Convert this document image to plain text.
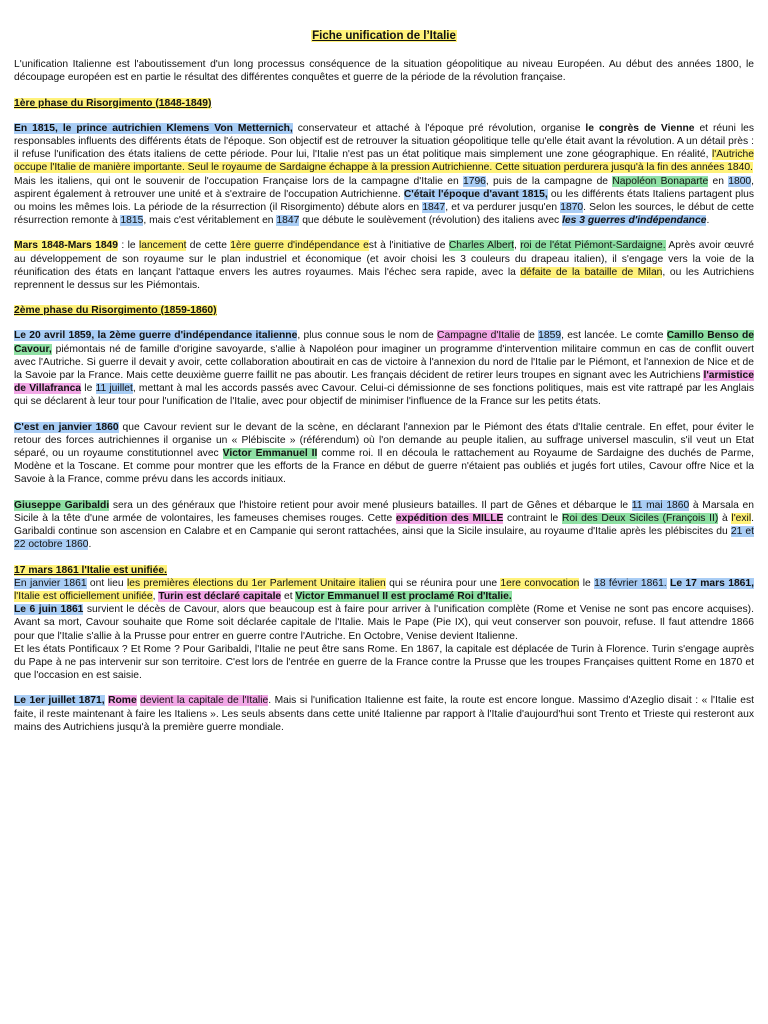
Fiche unification de l’Italie

L'unification Italienne est l'aboutissement d'un long processus conséquence de la situation géopolitique au niveau Européen. Au début des années 1800, le découpage européen est en partie le résultat des différentes conquêtes et guerre de la période de la révolution française.

1ère phase du Risorgimento (1848-1849)

En 1815, le prince autrichien Klemens Von Metternich, conservateur et attaché à l'époque pré révolution, organise le congrès de Vienne et réuni les responsables influents des différents états de l'époque. Son objectif est de retrouver la situation géopolitique telle qu'elle était avant la révolution. A un détail près : il refuse l'unification des états italiens de cette période. Pour lui, l'Italie n'est pas un état politique mais simplement une zone géographique. En réalité, l'Autriche occupe l'Italie de manière importante. Seul le royaume de Sardaigne échappe à la pression Autrichienne. Cette situation perdurera jusqu'à la fin des années 1840.

Mais les italiens, qui ont le souvenir de l'occupation Française lors de la campagne d'Italie en 1796, puis de la campagne de Napoléon Bonaparte en 1800, aspirent également à retrouver une unité et à s'extraire de l'occupation Autrichienne. C'était l'époque d'avant 1815, ou les différents états Italiens partagent plus ou moins les mêmes lois. La période de la résurrection (il Risorgimento) débute alors en 1847, et va perdurer jusqu'en 1870. Selon les sources, le début de cette résurrection remonte à 1815, mais c'est véritablement en 1847 que débute le soulèvement (révolution) des italiens avec les 3 guerres d'indépendance.

Mars 1848-Mars 1849 : le lancement de cette 1ère guerre d'indépendance est à l'initiative de Charles Albert, roi de l'état Piémont-Sardaigne. Après avoir œuvré au développement de son royaume sur le plan industriel et économique (et avoir choisi les 3 couleurs du drapeau italien), il s'engage vers la voie de la réunification des états en lançant l'attaque envers les autres royaumes. Mais l'échec sera rapide, avec la défaite de la bataille de Milan, ou les Autrichiens reprennent le dessus sur les Piémontais.

2ème phase du Risorgimento (1859-1860)

Le 20 avril 1859, la 2ème guerre d'indépendance italienne, plus connue sous le nom de Campagne d'Italie de 1859, est lancée. Le comte Camillo Benso de Cavour, piémontais né de famille d'origine savoyarde, s'allie à Napoléon pour imaginer un programme d'intervention militaire commun en cas de conflit ouvert avec l'Autriche. Si guerre il devait y avoir, cette collaboration aboutirait en cas de victoire à l'annexion du nord de l'Italie par le Piémont, et l'annexion de Nice et de la Savoie par la France. Mais cette deuxième guerre faillit ne pas aboutir. Les français décident de retirer leurs troupes en signant avec les Autrichiens l'armistice de Villafranca le 11 juillet, mettant à mal les accords passés avec Cavour. Celui-ci démissionne de ses fonctions politiques, mais est vite rattrapé par les Anglais qui se déclarent à leur tour pour l'unification de l'Italie, avec pour objectif de minimiser l'influence de la France sur les petits états.

C'est en janvier 1860 que Cavour revient sur le devant de la scène, en déclarant l'annexion par le Piémont des états d'Italie centrale. En effet, pour éviter le retour des forces autrichiennes il organise un « Plébiscite » (référendum) où l'on demande au peuple italien, au suffrage universel masculin, s'il veut un Etat séparé, ou un royaume constitutionnel avec Victor Emmanuel II comme roi. Il en découla le rattachement au Royaume de Sardaigne des duchés de Parme, Modène et la Toscane. Et comme pour montrer que les efforts de la France en début de guerre n'étaient pas oubliés et jugés fort utiles, Cavour offre Nice et la Savoie à la France, comme prévu dans les accords initiaux.

Giuseppe Garibaldi sera un des généraux que l'histoire retient pour avoir mené plusieurs batailles. Il part de Gênes et débarque le 11 mai 1860 à Marsala en Sicile à la tête d'une armée de volontaires, les fameuses chemises rouges. Cette expédition des MILLE contraint le Roi des Deux Siciles (François II) à l'exil. Garibaldi continue son ascension en Calabre et en Campanie qui seront rattachées, ainsi que la Sicile insulaire, au royaume d'Italie après les plébiscites du 21 et 22 octobre 1860.

17 mars 1861 l'Italie est unifiée.

En janvier 1861 ont lieu les premières élections du 1er Parlement Unitaire italien qui se réunira pour une 1ere convocation le 18 février 1861. Le 17 mars 1861, l'Italie est officiellement unifiée, Turin est déclaré capitale et Victor Emmanuel II est proclamé Roi d'Italie.

Le 6 juin 1861 survient le décès de Cavour, alors que beaucoup est à faire pour arriver à l'unification complète (Rome et Venise ne sont pas encore acquises). Avant sa mort, Cavour souhaite que Rome soit déclarée capitale de l'Italie. Mais le Pape (Pie IX), qui veut conserver son pouvoir, refuse. Il faut attendre 1866 pour que l'Italie s'allie à la Prusse pour entrer en guerre contre l'Autriche. En Octobre, Venise devient Italienne.

Et les états Pontificaux ? Et Rome ? Pour Garibaldi, l'Italie ne peut être sans Rome. En 1867, la capitale est déplacée de Turin à Florence. Turin s'engage auprès du Pape à ne pas intervenir sur son territoire. C'est lors de l'entrée en guerre de la France contre la Prusse que les troupes Françaises quittent Rome en 1870 et que l'occasion en est saisie.

Le 1er juillet 1871, Rome devient la capitale de l'Italie. Mais si l'unification Italienne est faite, la route est encore longue. Massimo d'Azeglio disait : « l'Italie est faite, il reste maintenant à faire les Italiens ». Les seuls absents dans cette unité Italienne par rapport à l'Italie d'aujourd'hui sont Trento et Trieste qui resteront aux mains des Autrichiens jusqu'à la première guerre mondiale.
